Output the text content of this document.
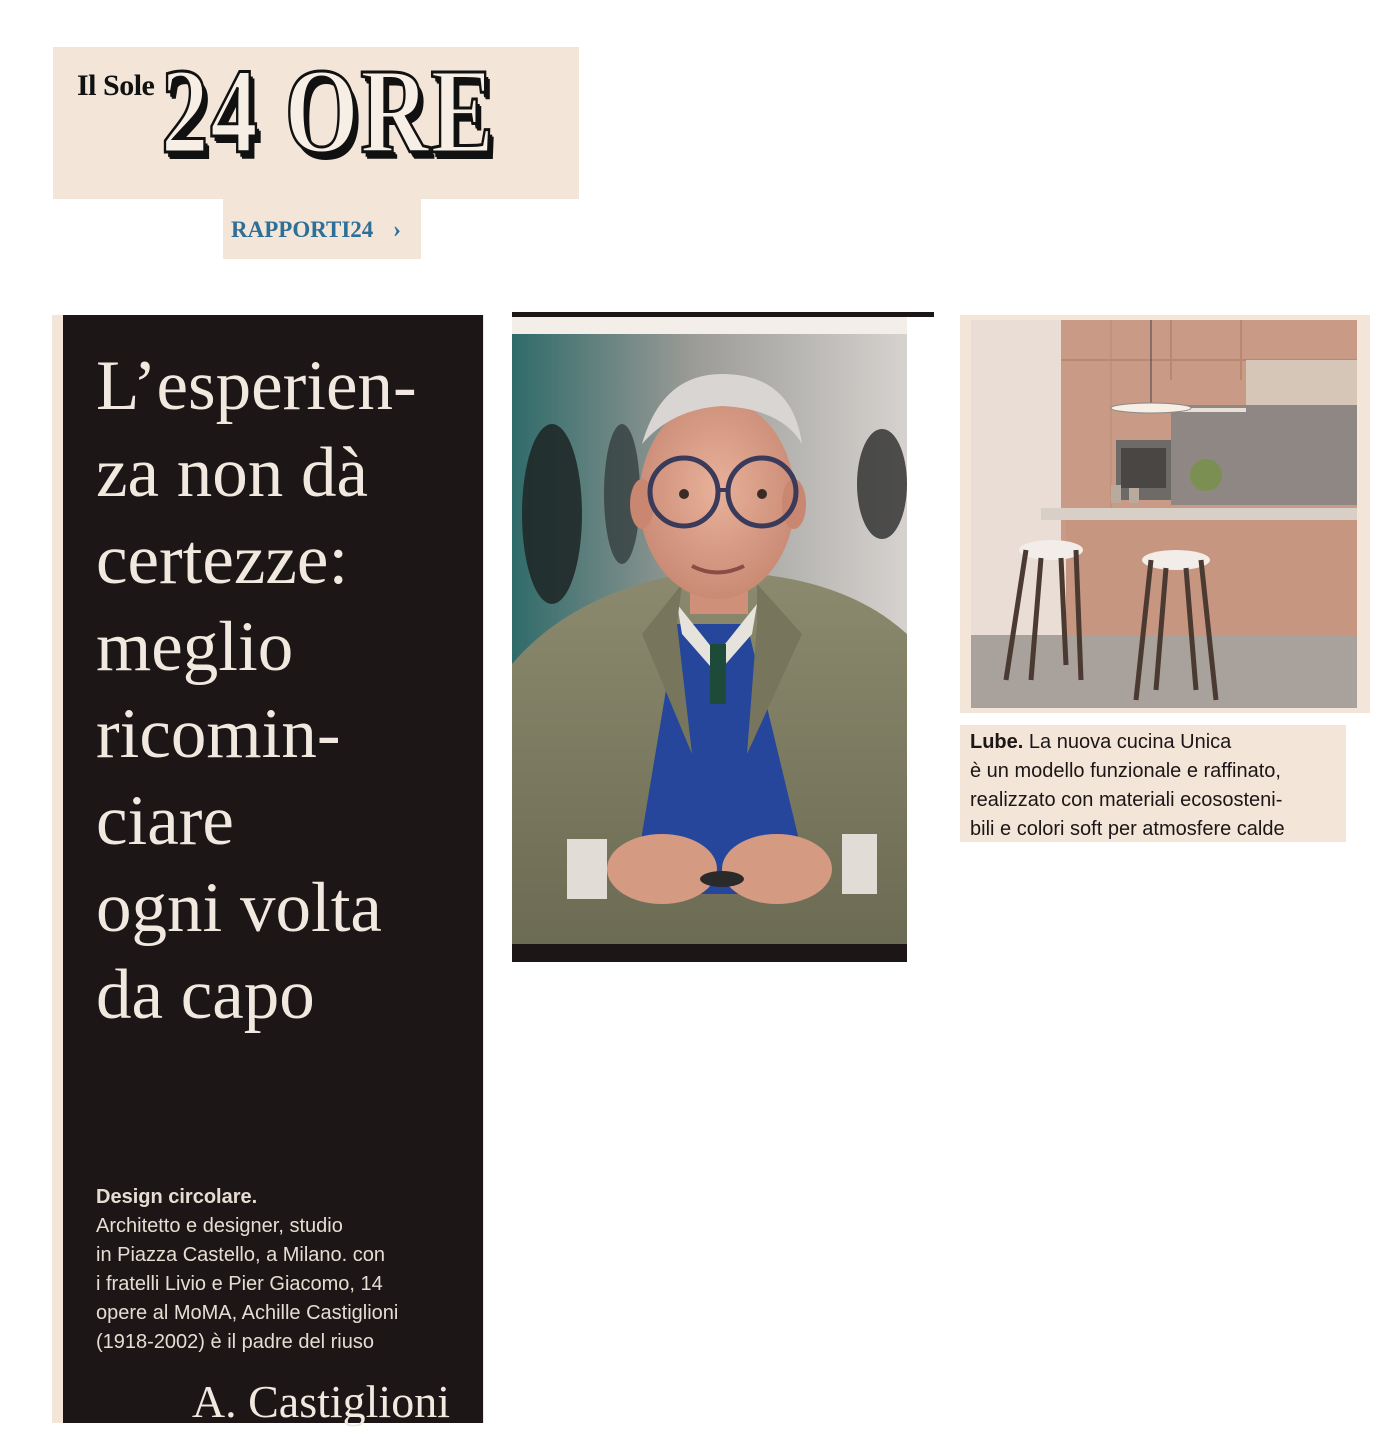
Il Sole 24 ORE
RAPPORTI24 ›
L’esperien-
za non dà
certezze:
meglio
ricomin-
ciare
ogni volta
da capo
Design circolare.
Architetto e designer, studio
in Piazza Castello, a Milano. con
i fratelli Livio e Pier Giacomo, 14
opere al MoMA, Achille Castiglioni
(1918-2002) è il padre del riuso
A. Castiglioni
Lube. La nuova cucina Unica
è un modello funzionale e raffinato,
realizzato con materiali ecososteni-
bili e colori soft per atmosfere calde
